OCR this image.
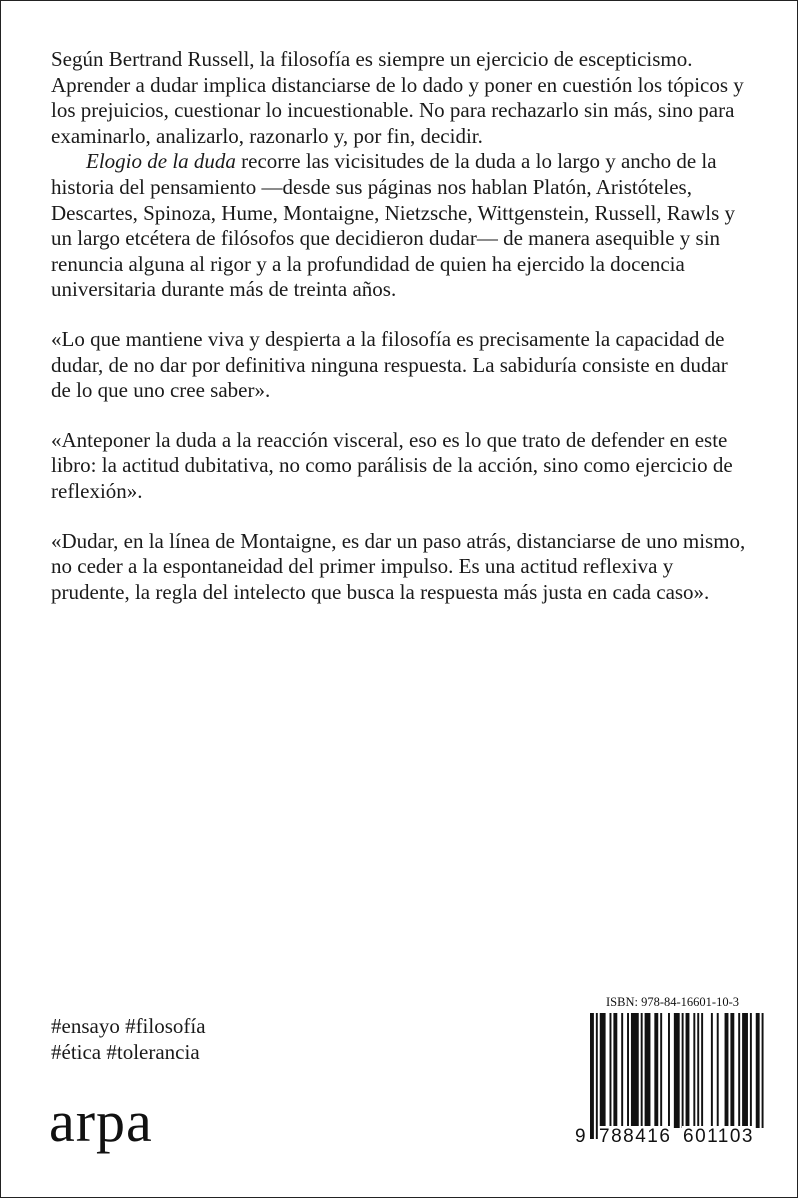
Según Bertrand Russell, la filosofía es siempre un ejercicio de escepticismo. Aprender a dudar implica distanciarse de lo dado y poner en cuestión los tópicos y los prejuicios, cuestionar lo incuestionable. No para rechazarlo sin más, sino para examinarlo, analizarlo, razonarlo y, por fin, decidir.

Elogio de la duda recorre las vicisitudes de la duda a lo largo y ancho de la historia del pensamiento —desde sus páginas nos hablan Platón, Aristóteles, Descartes, Spinoza, Hume, Montaigne, Nietzsche, Wittgenstein, Russell, Rawls y un largo etcétera de filósofos que decidieron dudar— de manera asequible y sin renuncia alguna al rigor y a la profundidad de quien ha ejercido la docencia universitaria durante más de treinta años.

«Lo que mantiene viva y despierta a la filosofía es precisamente la capacidad de dudar, de no dar por definitiva ninguna respuesta. La sabiduría consiste en dudar de lo que uno cree saber».

«Anteponer la duda a la reacción visceral, eso es lo que trato de defender en este libro: la actitud dubitativa, no como parálisis de la acción, sino como ejercicio de reflexión».

«Dudar, en la línea de Montaigne, es dar un paso atrás, distanciarse de uno mismo, no ceder a la espontaneidad del primer impulso. Es una actitud reflexiva y prudente, la regla del intelecto que busca la respuesta más justa en cada caso».

#ensayo #filosofía
#ética #tolerancia
arpa
ISBN: 978-84-16601-10-3
9 788416 601103
